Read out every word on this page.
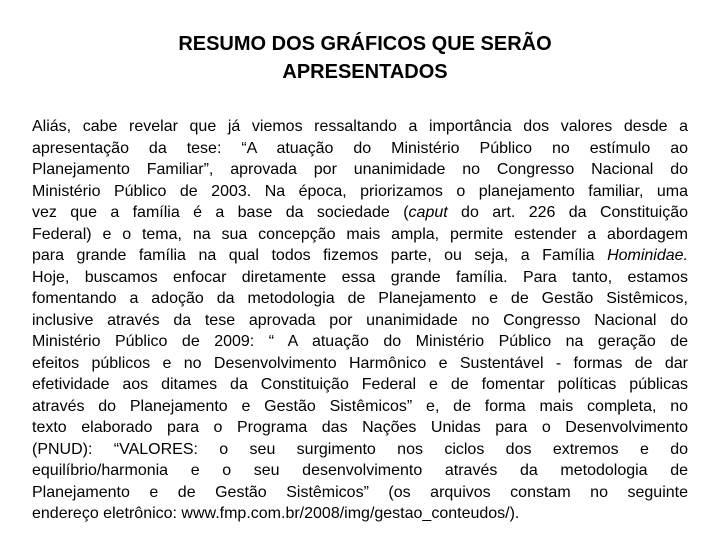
RESUMO DOS GRÁFICOS QUE SERÃO
APRESENTADOS
Aliás, cabe revelar que já viemos ressaltando a importância dos valores desde a
apresentação da tese: “A atuação do Ministério Público no estímulo ao
Planejamento Familiar”, aprovada por unanimidade no Congresso Nacional do
Ministério Público de 2003. Na época, priorizamos o planejamento familiar, uma
vez que a família é a base da sociedade (caput do art. 226 da Constituição
Federal) e o tema, na sua concepção mais ampla, permite estender a abordagem
para grande família na qual todos fizemos parte, ou seja, a Família Hominidae.
Hoje, buscamos enfocar diretamente essa grande família. Para tanto, estamos
fomentando a adoção da metodologia de Planejamento e de Gestão Sistêmicos,
inclusive através da tese aprovada por unanimidade no Congresso Nacional do
Ministério Público de 2009: “ A atuação do Ministério Público na geração de
efeitos públicos e no Desenvolvimento Harmônico e Sustentável - formas de dar
efetividade aos ditames da Constituição Federal e de fomentar políticas públicas
através do Planejamento e Gestão Sistêmicos” e, de forma mais completa, no
texto elaborado para o Programa das Nações Unidas para o Desenvolvimento
(PNUD): “VALORES: o seu surgimento nos ciclos dos extremos e do
equilíbrio/harmonia e o seu desenvolvimento através da metodologia de
Planejamento e de Gestão Sistêmicos” (os arquivos constam no seguinte
endereço eletrônico: www.fmp.com.br/2008/img/gestao_conteudos/).
